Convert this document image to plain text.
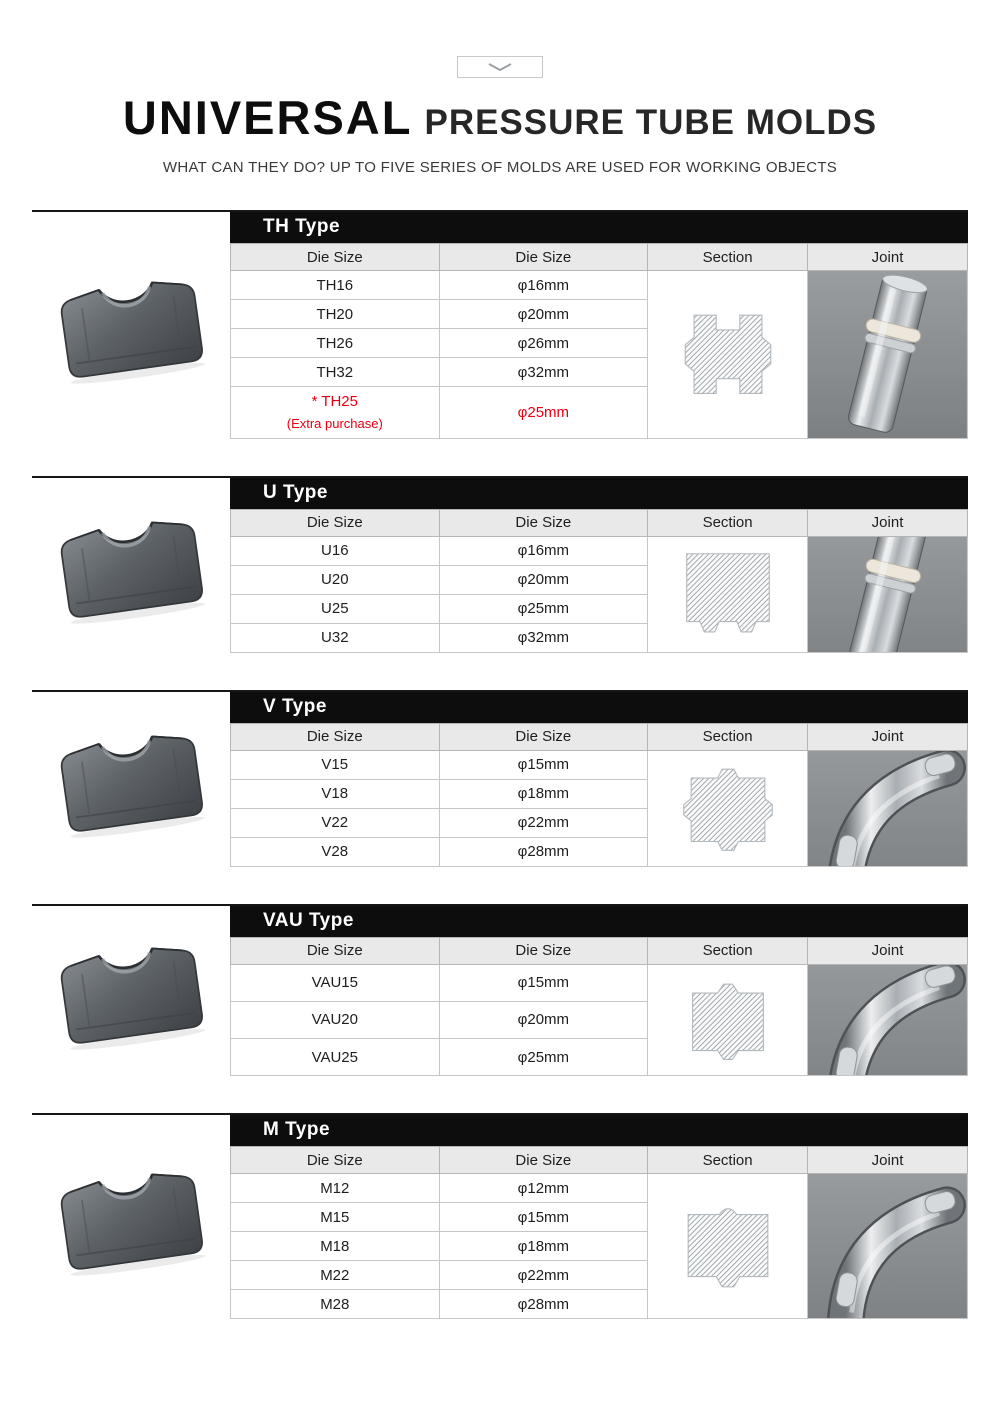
UNIVERSAL PRESSURE TUBE MOLDS

WHAT CAN THEY DO? UP TO FIVE SERIES OF MOLDS ARE USED FOR WORKING OBJECTS

TH Type
Die Size	Die Size	Section	Joint
TH16	φ16mm	

TH20	φ20mm		
TH26	φ26mm		
TH32	φ32mm		

* TH25
(Extra purchase)	φ25mm		
U Type
Die Size	Die Size	Section	Joint
U16	φ16mm	

U20	φ20mm		
U25	φ25mm		
U32	φ32mm		
V Type
Die Size	Die Size	Section	Joint
V15	φ15mm	

V18	φ18mm		
V22	φ22mm		
V28	φ28mm		
VAU Type
Die Size	Die Size	Section	Joint
VAU15	φ15mm	

VAU20	φ20mm		
VAU25	φ25mm		
M Type
Die Size	Die Size	Section	Joint
M12	φ12mm	

M15	φ15mm		
M18	φ18mm		
M22	φ22mm		
M28	φ28mm		
